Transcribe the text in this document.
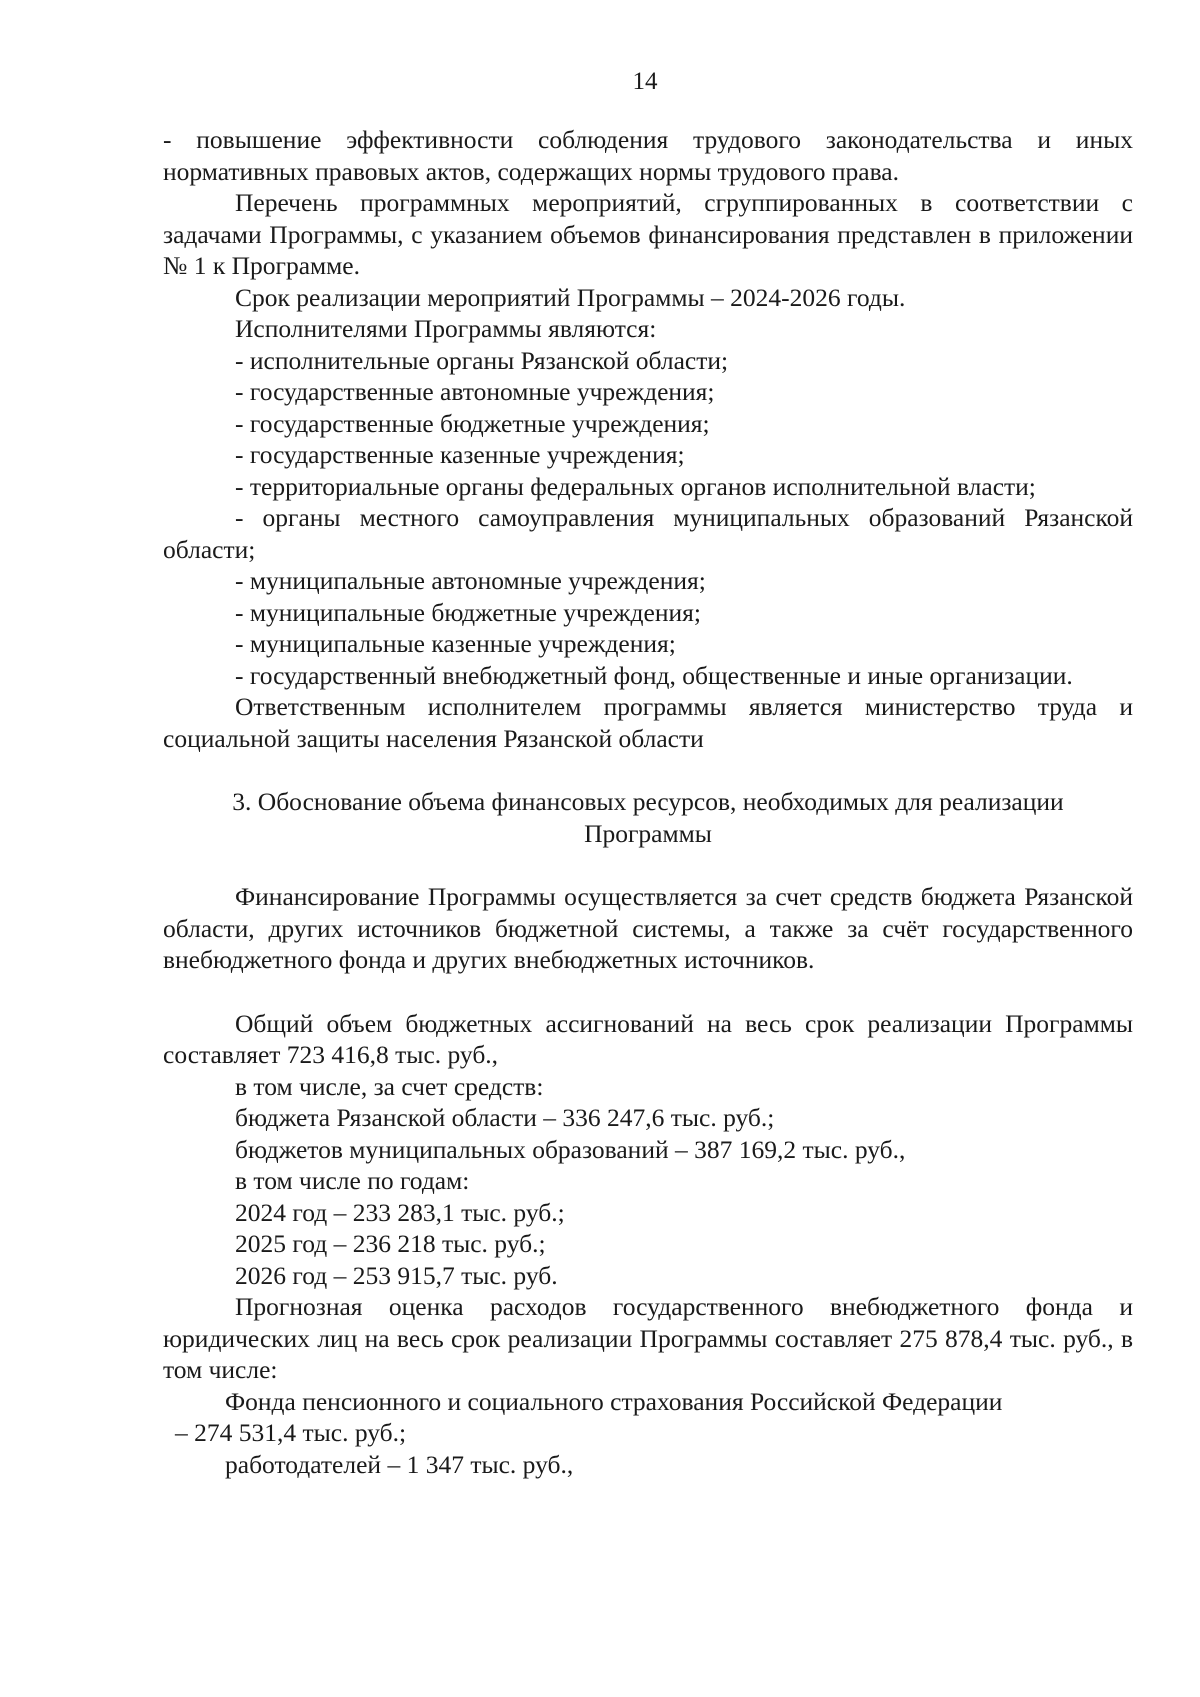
14

- повышение эффективности соблюдения трудового законодательства и иных нормативных правовых актов, содержащих нормы трудового права.

Перечень программных мероприятий, сгруппированных в соответствии с задачами Программы, с указанием объемов финансирования представлен в приложении № 1 к Программе.

Срок реализации мероприятий Программы – 2024-2026 годы.

Исполнителями Программы являются:

- исполнительные органы Рязанской области;

- государственные автономные учреждения;

- государственные бюджетные учреждения;

- государственные казенные учреждения;

- территориальные органы федеральных органов исполнительной власти;

- органы местного самоуправления муниципальных образований Рязанской области;

- муниципальные автономные учреждения;

- муниципальные бюджетные учреждения;

- муниципальные казенные учреждения;

- государственный внебюджетный фонд, общественные и иные организации.

Ответственным исполнителем программы является министерство труда и социальной защиты населения Рязанской области

3. Обоснование объема финансовых ресурсов, необходимых для реализации
Программы

Финансирование Программы осуществляется за счет средств бюджета Рязанской области, других источников бюджетной системы, а также за счёт государственного внебюджетного фонда и других внебюджетных источников.

Общий объем бюджетных ассигнований на весь срок реализации Программы составляет 723 416,8 тыс. руб.,

в том числе, за счет средств:

бюджета Рязанской области – 336 247,6 тыс. руб.;

бюджетов муниципальных образований – 387 169,2 тыс. руб.,

в том числе по годам:

2024 год – 233 283,1 тыс. руб.;

2025 год – 236 218 тыс. руб.;

2026 год – 253 915,7 тыс. руб.

Прогнозная оценка расходов государственного внебюджетного фонда и юридических лиц на весь срок реализации Программы составляет 275 878,4 тыс. руб., в том числе:

Фонда пенсионного и социального страхования Российской Федерации

– 274 531,4 тыс. руб.;

работодателей – 1 347 тыс. руб.,
